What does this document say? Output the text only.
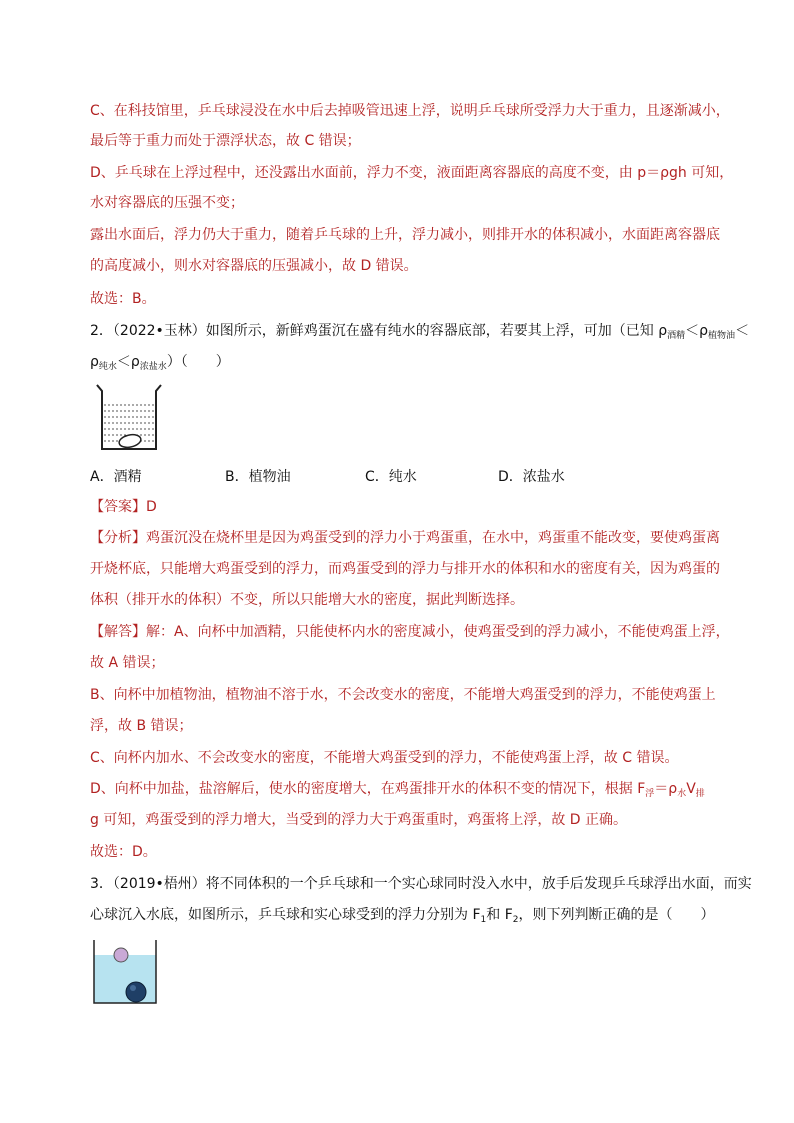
C、在科技馆里，乒乓球浸没在水中后去掉吸管迅速上浮，说明乒乓球所受浮力大于重力，且逐渐减小，
最后等于重力而处于漂浮状态，故 C 错误；
D、乒乓球在上浮过程中，还没露出水面前，浮力不变，液面距离容器底的高度不变，由 p＝ρgh 可知，
水对容器底的压强不变；
露出水面后，浮力仍大于重力，随着乒乓球的上升，浮力减小，则排开水的体积减小，水面距离容器底
的高度减小，则水对容器底的压强减小，故 D 错误。
故选：B。
2．（2022•玉林）如图所示，新鲜鸡蛋沉在盛有纯水的容器底部，若要其上浮，可加（已知 $\rho_{酒精}<\rho_{植物油}<$
$\rho_{纯水}<\rho_{浓盐水}$）（　　）
A．酒精	B．植物油	C．纯水	D．浓盐水
【答案】D
【分析】鸡蛋沉没在烧杯里是因为鸡蛋受到的浮力小于鸡蛋重，在水中，鸡蛋重不能改变，要使鸡蛋离
开烧杯底，只能增大鸡蛋受到的浮力，而鸡蛋受到的浮力与排开水的体积和水的密度有关，因为鸡蛋的
体积（排开水的体积）不变，所以只能增大水的密度，据此判断选择。
【解答】解：A、向杯中加酒精，只能使杯内水的密度减小，使鸡蛋受到的浮力减小，不能使鸡蛋上浮，
故 A 错误；
B、向杯中加植物油，植物油不溶于水，不会改变水的密度，不能增大鸡蛋受到的浮力，不能使鸡蛋上
浮，故 B 错误；
C、向杯内加水、不会改变水的密度，不能增大鸡蛋受到的浮力，不能使鸡蛋上浮，故 C 错误。
D、向杯中加盐，盐溶解后，使水的密度增大，在鸡蛋排开水的体积不变的情况下，根据 $F_浮=\rho_水V_排$
g 可知，鸡蛋受到的浮力增大，当受到的浮力大于鸡蛋重时，鸡蛋将上浮，故 D 正确。
故选：D。
3．（2019•梧州）将不同体积的一个乒乓球和一个实心球同时没入水中，放手后发现乒乓球浮出水面，而实
心球沉入水底，如图所示，乒乓球和实心球受到的浮力分别为 $F_1$和 $F_2$，则下列判断正确的是（　　）
